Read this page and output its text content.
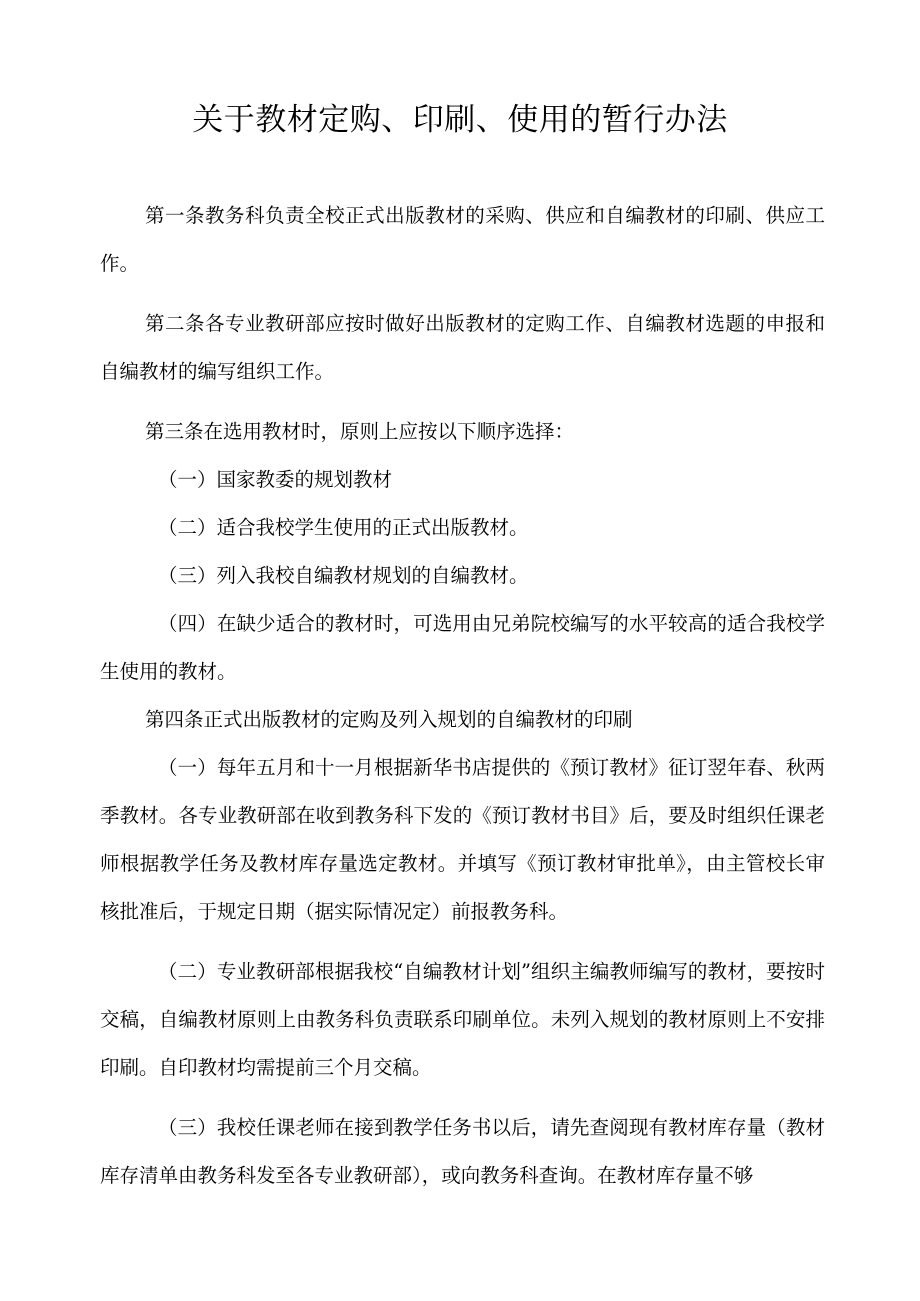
关于教材定购、印刷、使用的暂行办法

第一条教务科负责全校正式出版教材的采购、供应和自编教材的印刷、供应工作。

第二条各专业教研部应按时做好出版教材的定购工作、自编教材选题的申报和自编教材的编写组织工作。

第三条在选用教材时，原则上应按以下顺序选择：

（一）国家教委的规划教材

（二）适合我校学生使用的正式出版教材。

（三）列入我校自编教材规划的自编教材。

（四）在缺少适合的教材时，可选用由兄弟院校编写的水平较高的适合我校学生使用的教材。

第四条正式出版教材的定购及列入规划的自编教材的印刷

（一）每年五月和十一月根据新华书店提供的《预订教材》征订翌年春、秋两季教材。各专业教研部在收到教务科下发的《预订教材书目》后，要及时组织任课老师根据教学任务及教材库存量选定教材。并填写《预订教材审批单》，由主管校长审核批准后，于规定日期（据实际情况定）前报教务科。

（二）专业教研部根据我校“自编教材计划”组织主编教师编写的教材，要按时交稿，自编教材原则上由教务科负责联系印刷单位。未列入规划的教材原则上不安排印刷。自印教材均需提前三个月交稿。

（三）我校任课老师在接到教学任务书以后，请先查阅现有教材库存量（教材库存清单由教务科发至各专业教研部），或向教务科查询。在教材库存量不够
